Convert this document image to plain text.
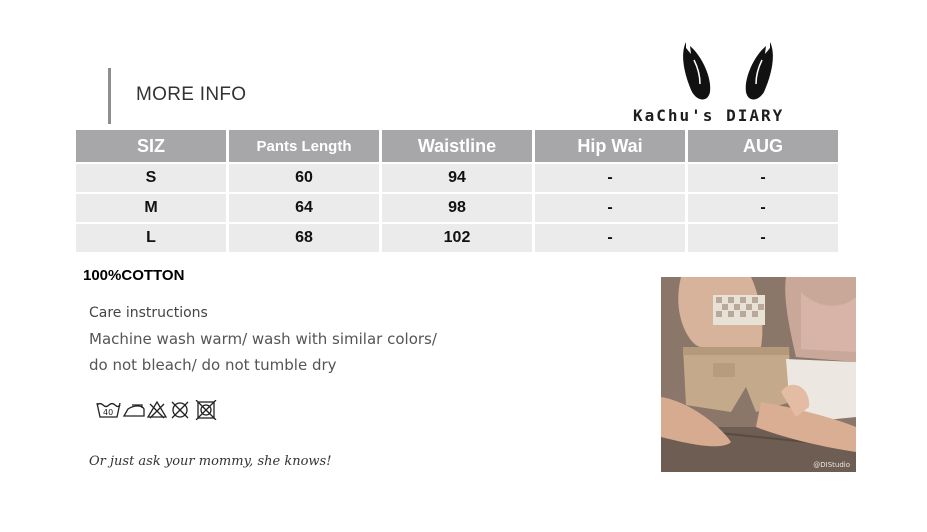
MORE INFO
KaChu's DIARY
SIZ	Pants Length	Waistline	Hip Wai	AUG
S	60	94	-	-
M	64	98	-	-
L	68	102	-	-
100%COTTON
Care instructions
Machine wash warm/ wash with similar colors/
do not bleach/ do not tumble dry
40
Or just ask your mommy, she knows!	@DIStudio
